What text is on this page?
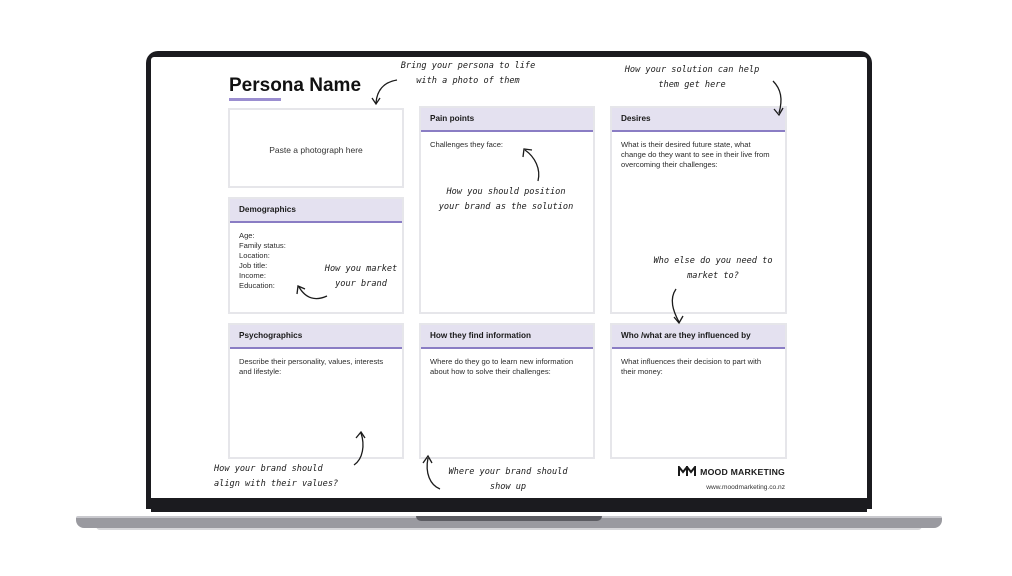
Persona Name
Paste a photograph here
Pain points
Challenges they face:
Desires
What is their desired future state, what change do they want to see in their live from overcoming their challenges:
Demographics
Age:
Family status:
Location:
Job title:
Income:
Education:
Psychographics
Describe their personality, values, interests and lifestyle:
How they find information
Where do they go to learn new information about how to solve their challenges:
Who /what are they influenced by
What influences their decision to part with their money:
Bring your persona to life
with a photo of them
How your solution can help
them get here
How you should position
your brand as the solution
How you market
your brand
Who else do you need to
market to?
How your brand should
align with their values?
Where your brand should
show up
MOOD MARKETING
www.moodmarketing.co.nz
